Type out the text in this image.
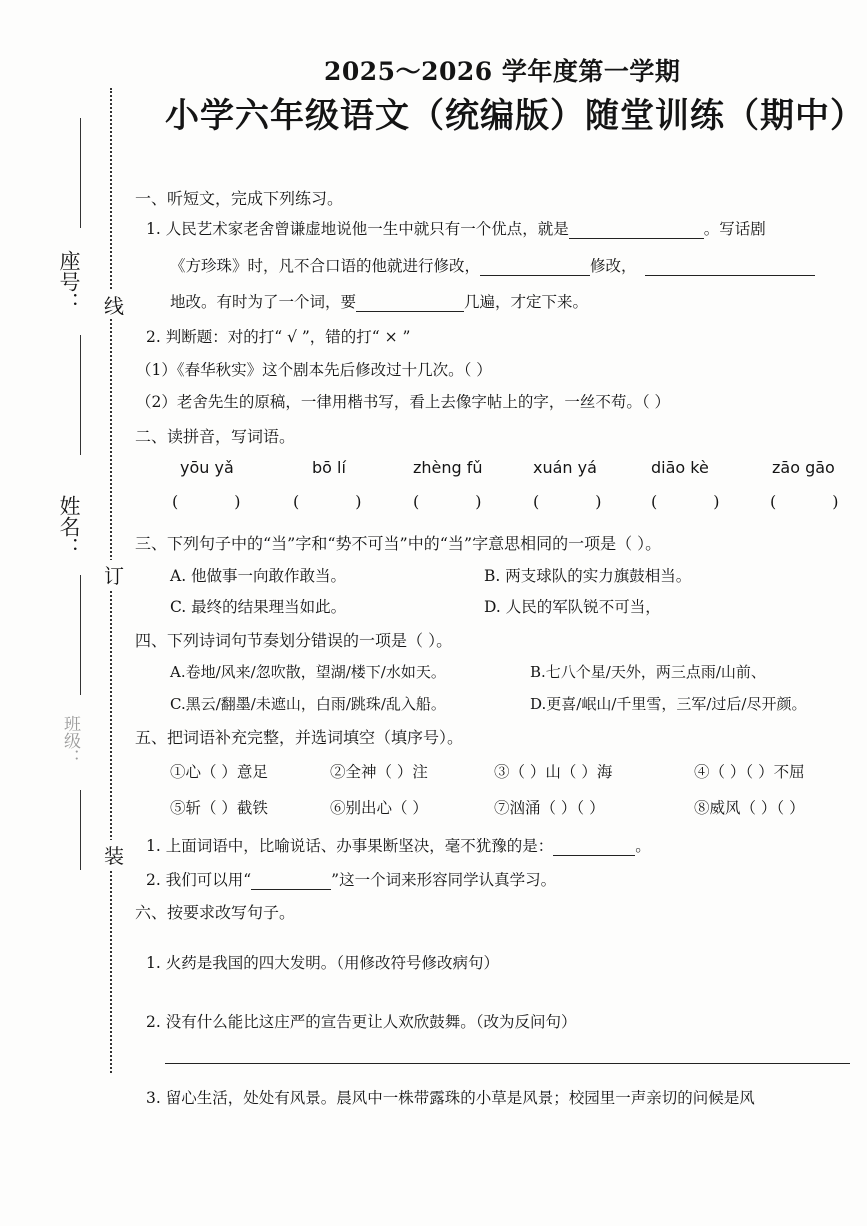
座号：
姓名：
班级：
线
订
装
2025～2026 学年度第一学期
小学六年级语文（统编版）随堂训练（期中）
一、听短文，完成下列练习。
1. 人民艺术家老舍曾谦虚地说他一生中就只有一个优点，就是	。写话剧
《方珍珠》时，凡不合口语的他就进行修改，	修改，
地改。有时为了一个词，要	几遍，才定下来。
2. 判断题：对的打“ √ ”，错的打“ × ”
（1）《春华秋实》这个剧本先后修改过十几次。（ ）
（2）老舍先生的原稿，一律用楷书写，看上去像字帖上的字，一丝不苟。（ ）
二、读拼音，写词语。
yōu yǎ	bō lí	zhèng fǔ	xuán yá	diāo kè	zāo gāo
(           )	(           )	(           )	(           )	(           )	(           )
三、下列句子中的“当”字和“势不可当”中的“当”字意思相同的一项是（ ）。
A. 他做事一向敢作敢当。	B. 两支球队的实力旗鼓相当。
C. 最终的结果理当如此。	D. 人民的军队锐不可当，
四、下列诗词句节奏划分错误的一项是（ ）。
A.卷地/风来/忽吹散，望湖/楼下/水如天。	B.七八个星/天外，两三点雨/山前、
C.黑云/翻墨/未遮山，白雨/跳珠/乱入船。	D.更喜/岷山/千里雪，三军/过后/尽开颜。
五、把词语补充完整，并选词填空（填序号）。
①心（ ）意足	②全神（ ）注	③（ ）山（ ）海	④（ ）（ ）不屈
⑤斩（ ）截铁	⑥别出心（ ）	⑦汹涌（ ）（ ）	⑧威风（ ）（ ）
1. 上面词语中，比喻说话、办事果断坚决，毫不犹豫的是：	。
2. 我们可以用“	”这一个词来形容同学认真学习。
六、按要求改写句子。
1. 火药是我国的四大发明。（用修改符号修改病句）
2. 没有什么能比这庄严的宣告更让人欢欣鼓舞。（改为反问句）
3. 留心生活，处处有风景。晨风中一株带露珠的小草是风景；校园里一声亲切的问候是风
